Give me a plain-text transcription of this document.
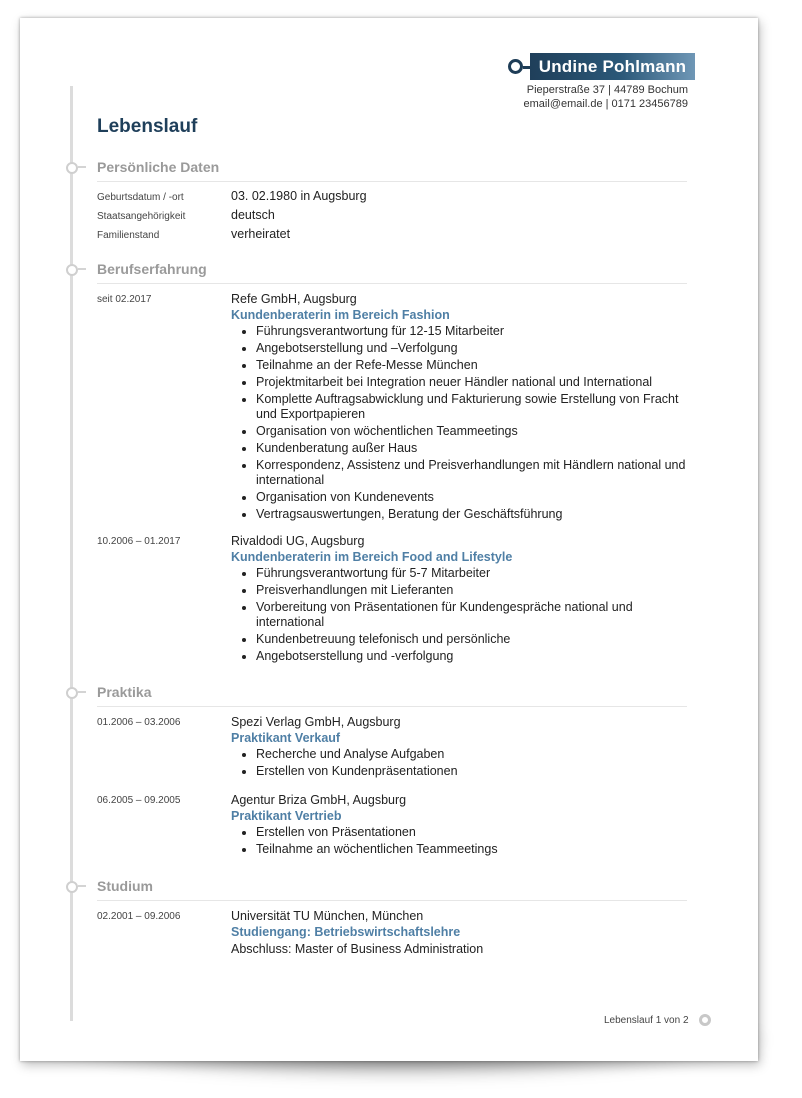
Undine Pohlmann
Pieperstraße 37 | 44789 Bochum
email@email.de | 0171 23456789
Lebenslauf
Persönliche Daten
Geburtsdatum / -ort	03. 02.1980 in Augsburg
Staatsangehörigkeit	deutsch
Familienstand	verheiratet
Berufserfahrung
seit 02.2017	Refe GmbH, Augsburg
Kundenberaterin im Bereich Fashion
• Führungsverantwortung für 12-15 Mitarbeiter
• Angebotserstellung und –Verfolgung
• Teilnahme an der Refe-Messe München
• Projektmitarbeit bei Integration neuer Händler national und International
• Komplette Auftragsabwicklung und Fakturierung sowie Erstellung von Fracht und Exportpapieren
• Organisation von wöchentlichen Teammeetings
• Kundenberatung außer Haus
• Korrespondenz, Assistenz und Preisverhandlungen mit Händlern national und international
• Organisation von Kundenevents
• Vertragsauswertungen, Beratung der Geschäftsführung
10.2006 – 01.2017	Rivaldodi UG, Augsburg
Kundenberaterin im Bereich Food and Lifestyle
• Führungsverantwortung für 5-7 Mitarbeiter
• Preisverhandlungen mit Lieferanten
• Vorbereitung von Präsentationen für Kundengespräche national und international
• Kundenbetreuung telefonisch und persönliche
• Angebotserstellung und -verfolgung
Praktika
01.2006 – 03.2006	Spezi Verlag GmbH, Augsburg
Praktikant Verkauf
• Recherche und Analyse Aufgaben
• Erstellen von Kundenpräsentationen
06.2005 – 09.2005	Agentur Briza GmbH, Augsburg
Praktikant Vertrieb
• Erstellen von Präsentationen
• Teilnahme an wöchentlichen Teammeetings
Studium
02.2001 – 09.2006	Universität TU München, München
Studiengang: Betriebswirtschaftslehre
Abschluss: Master of Business Administration
Lebenslauf 1 von 2
